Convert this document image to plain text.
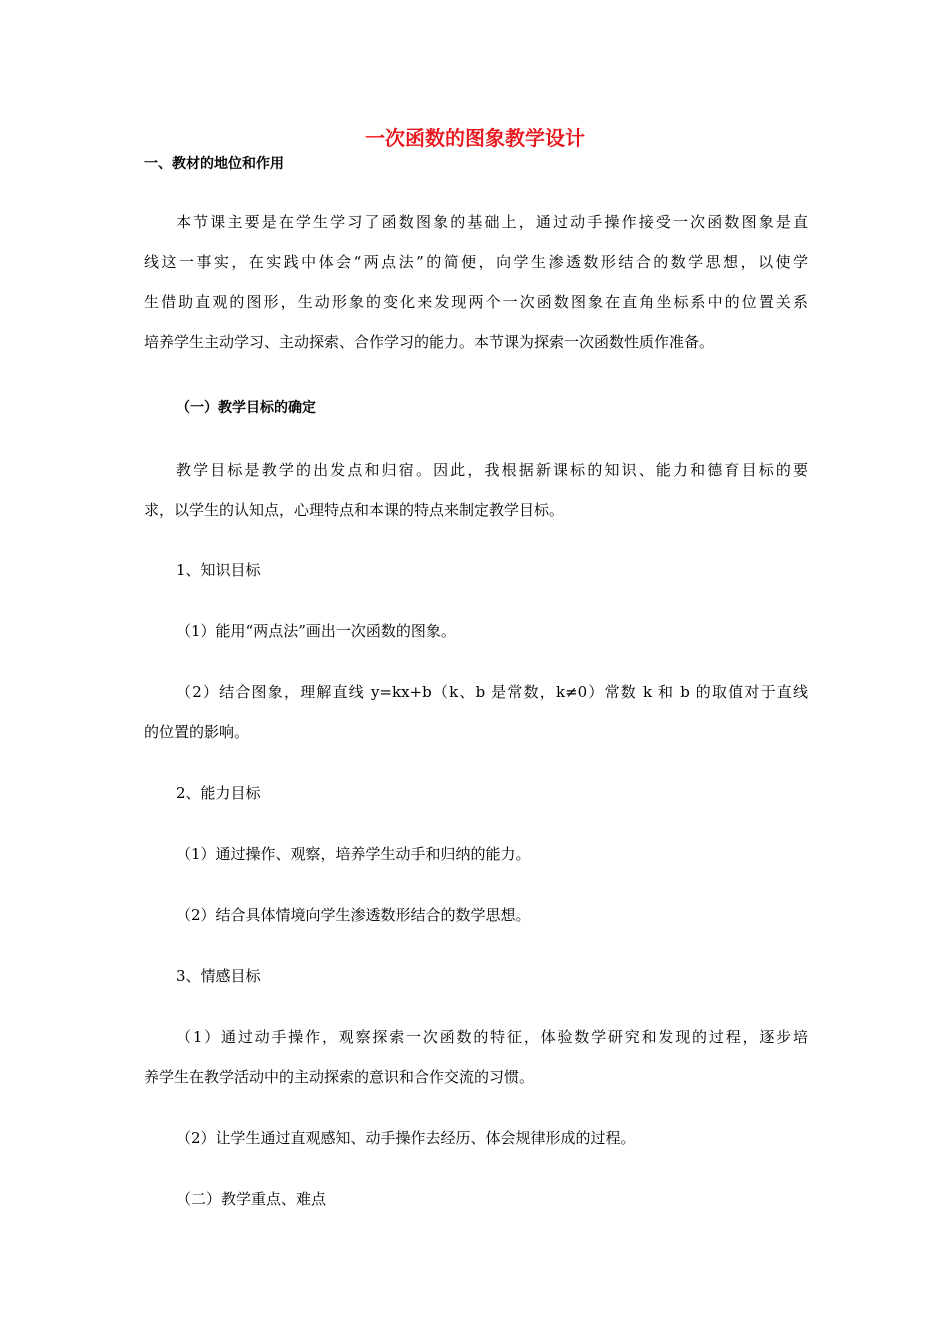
一次函数的图象教学设计
一、教材的地位和作用
本节课主要是在学生学习了函数图象的基础上，通过动手操作接受一次函数图象是直
线这一事实，在实践中体会“两点法”的简便，向学生渗透数形结合的数学思想，以使学
生借助直观的图形，生动形象的变化来发现两个一次函数图象在直角坐标系中的位置关系
培养学生主动学习、主动探索、合作学习的能力。本节课为探索一次函数性质作准备。
（一）教学目标的确定
教学目标是教学的出发点和归宿。因此，我根据新课标的知识、能力和德育目标的要
求，以学生的认知点，心理特点和本课的特点来制定教学目标。
1、知识目标
（1）能用“两点法”画出一次函数的图象。
（2）结合图象，理解直线 y=kx+b（k、b 是常数，k≠0）常数 k 和 b 的取值对于直线
的位置的影响。
2、能力目标
（1）通过操作、观察，培养学生动手和归纳的能力。
（2）结合具体情境向学生渗透数形结合的数学思想。
3、情感目标
（1）通过动手操作，观察探索一次函数的特征，体验数学研究和发现的过程，逐步培
养学生在教学活动中的主动探索的意识和合作交流的习惯。
（2）让学生通过直观感知、动手操作去经历、体会规律形成的过程。
（二）教学重点、难点
